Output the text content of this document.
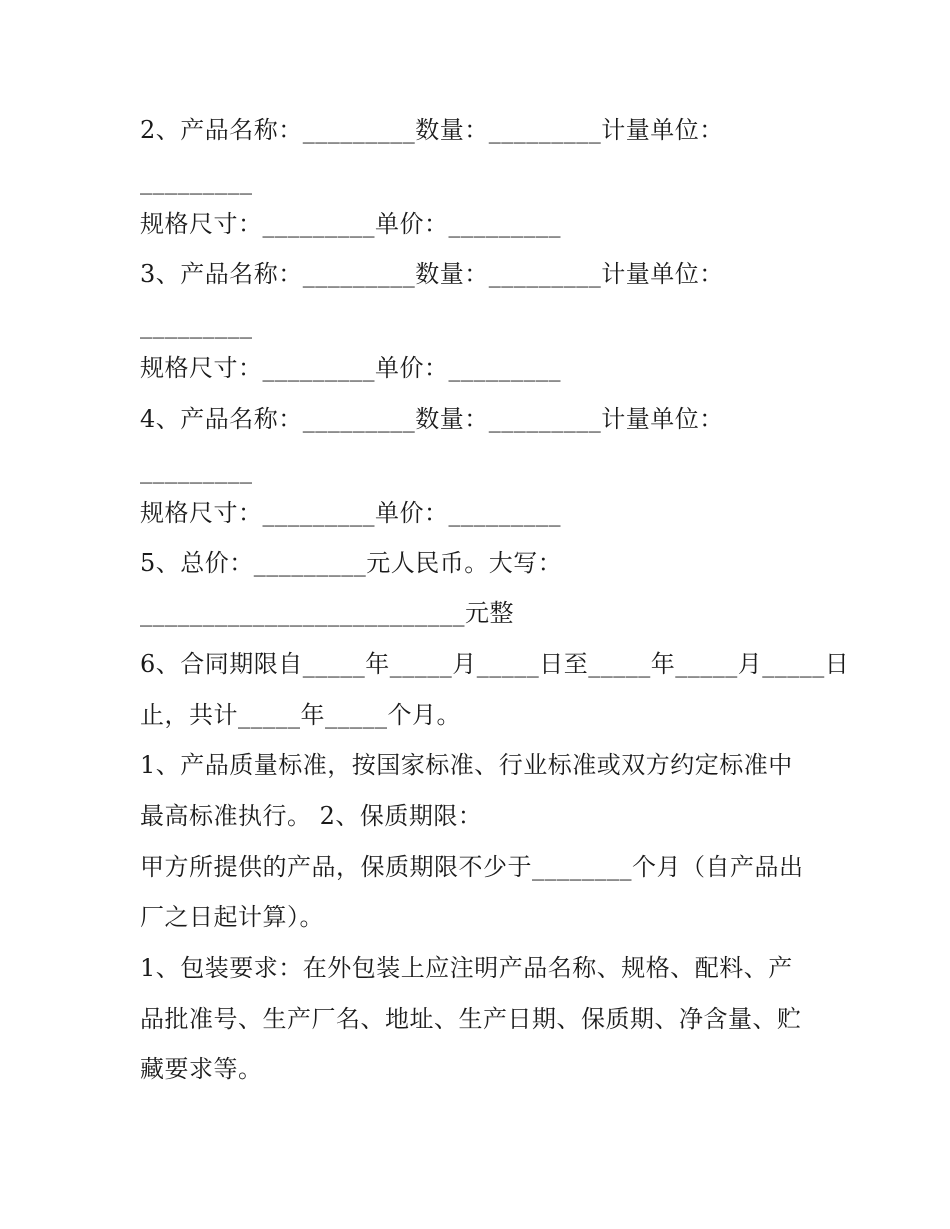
2、产品名称：_________数量：_________计量单位：
_________
规格尺寸：_________单价：_________
3、产品名称：_________数量：_________计量单位：
_________
规格尺寸：_________单价：_________
4、产品名称：_________数量：_________计量单位：
_________
规格尺寸：_________单价：_________
5、总价：_________元人民币。大写：
__________________________元整
6、合同期限自_____年_____月_____日至_____年_____月_____日
止，共计_____年_____个月。
1、产品质量标准，按国家标准、行业标准或双方约定标准中
最高标准执行。 2、保质期限：
甲方所提供的产品，保质期限不少于________个月（自产品出
厂之日起计算）。
1、包装要求：在外包装上应注明产品名称、规格、配料、产
品批准号、生产厂名、地址、生产日期、保质期、净含量、贮
藏要求等。
